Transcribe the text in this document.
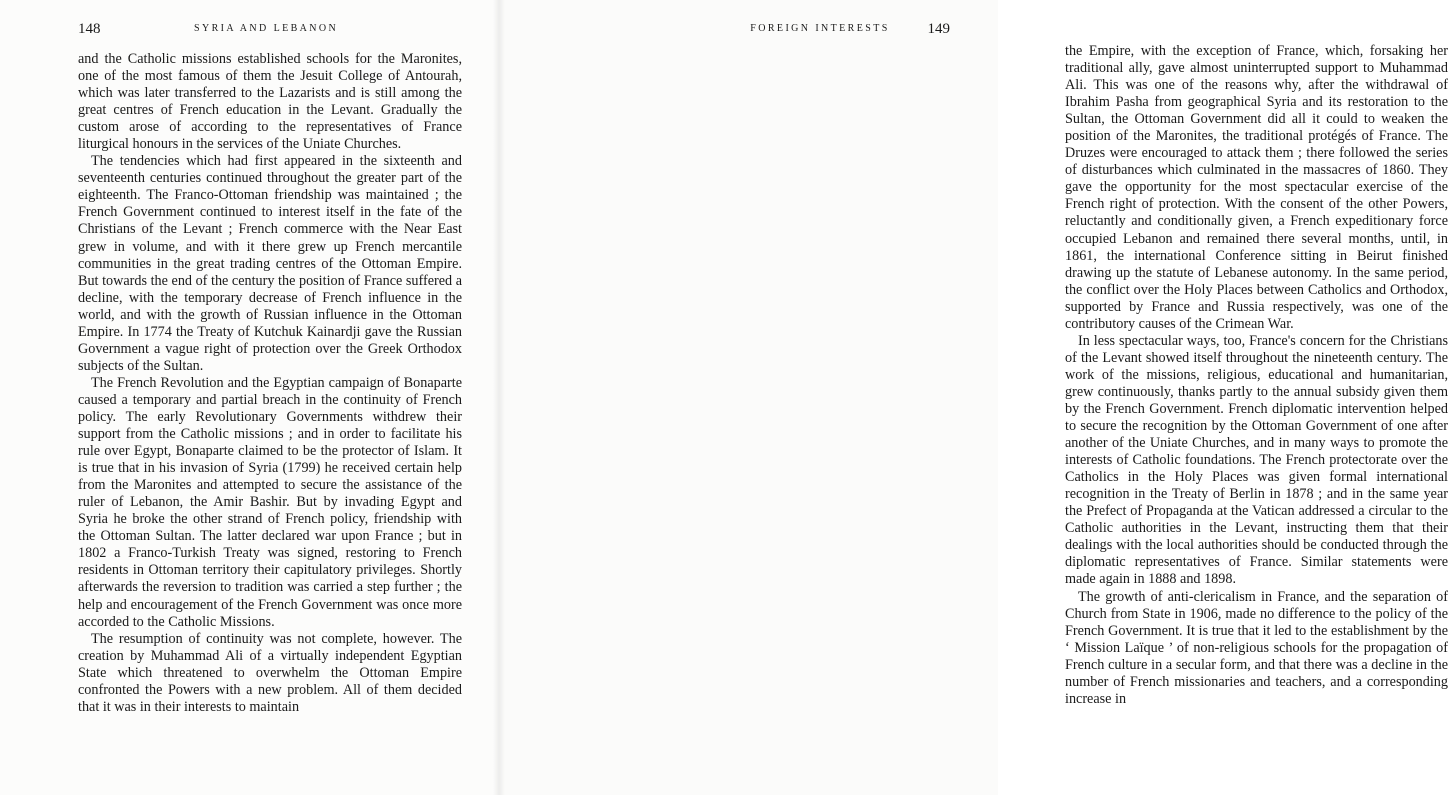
148	SYRIA AND LEBANON

and the Catholic missions established schools for the Maronites, one of the most famous of them the Jesuit College of Antourah, which was later transferred to the Lazarists and is still among the great centres of French education in the Levant. Gradually the custom arose of according to the representatives of France liturgical honours in the services of the Uniate Churches.

The tendencies which had first appeared in the sixteenth and seventeenth centuries continued throughout the greater part of the eighteenth. The Franco-Ottoman friendship was maintained ; the French Government continued to interest itself in the fate of the Christians of the Levant ; French commerce with the Near East grew in volume, and with it there grew up French mercantile communities in the great trading centres of the Ottoman Empire. But towards the end of the century the position of France suffered a decline, with the temporary decrease of French influence in the world, and with the growth of Russian influence in the Ottoman Empire. In 1774 the Treaty of Kutchuk Kainardji gave the Russian Government a vague right of protection over the Greek Orthodox subjects of the Sultan.

The French Revolution and the Egyptian campaign of Bonaparte caused a temporary and partial breach in the continuity of French policy. The early Revolutionary Governments withdrew their support from the Catholic missions ; and in order to facilitate his rule over Egypt, Bonaparte claimed to be the protector of Islam. It is true that in his invasion of Syria (1799) he received certain help from the Maronites and attempted to secure the assistance of the ruler of Lebanon, the Amir Bashir. But by invading Egypt and Syria he broke the other strand of French policy, friendship with the Ottoman Sultan. The latter declared war upon France ; but in 1802 a Franco-Turkish Treaty was signed, restoring to French residents in Ottoman territory their capitulatory privileges. Shortly afterwards the reversion to tradition was carried a step further ; the help and encouragement of the French Government was once more accorded to the Catholic Missions.

The resumption of continuity was not complete, however. The creation by Muhammad Ali of a virtually independent Egyptian State which threatened to overwhelm the Ottoman Empire confronted the Powers with a new problem. All of them decided that it was in their interests to maintain

the Empire, with the exception of France, which, forsaking her traditional ally, gave almost uninterrupted support to Muhammad Ali. This was one of the reasons why, after the withdrawal of Ibrahim Pasha from geographical Syria and its restoration to the Sultan, the Ottoman Government did all it could to weaken the position of the Maronites, the traditional protégés of France. The Druzes were encouraged to attack them ; there followed the series of disturbances which culminated in the massacres of 1860. They gave the opportunity for the most spectacular exercise of the French right of protection. With the consent of the other Powers, reluctantly and conditionally given, a French expeditionary force occupied Lebanon and remained there several months, until, in 1861, the international Conference sitting in Beirut finished drawing up the statute of Lebanese autonomy. In the same period, the conflict over the Holy Places between Catholics and Orthodox, supported by France and Russia respectively, was one of the contributory causes of the Crimean War.

In less spectacular ways, too, France's concern for the Christians of the Levant showed itself throughout the nineteenth century. The work of the missions, religious, educational and humanitarian, grew continuously, thanks partly to the annual subsidy given them by the French Government. French diplomatic intervention helped to secure the recognition by the Ottoman Government of one after another of the Uniate Churches, and in many ways to promote the interests of Catholic foundations. The French protectorate over the Catholics in the Holy Places was given formal international recognition in the Treaty of Berlin in 1878 ; and in the same year the Prefect of Propaganda at the Vatican addressed a circular to the Catholic authorities in the Levant, instructing them that their dealings with the local authorities should be conducted through the diplomatic representatives of France. Similar statements were made again in 1888 and 1898.

The growth of anti-clericalism in France, and the separation of Church from State in 1906, made no difference to the policy of the French Government. It is true that it led to the establishment by the ‘ Mission Laïque ’ of non-religious schools for the propagation of French culture in a secular form, and that there was a decline in the number of French missionaries and teachers, and a corresponding increase in

FOREIGN INTERESTS	149
